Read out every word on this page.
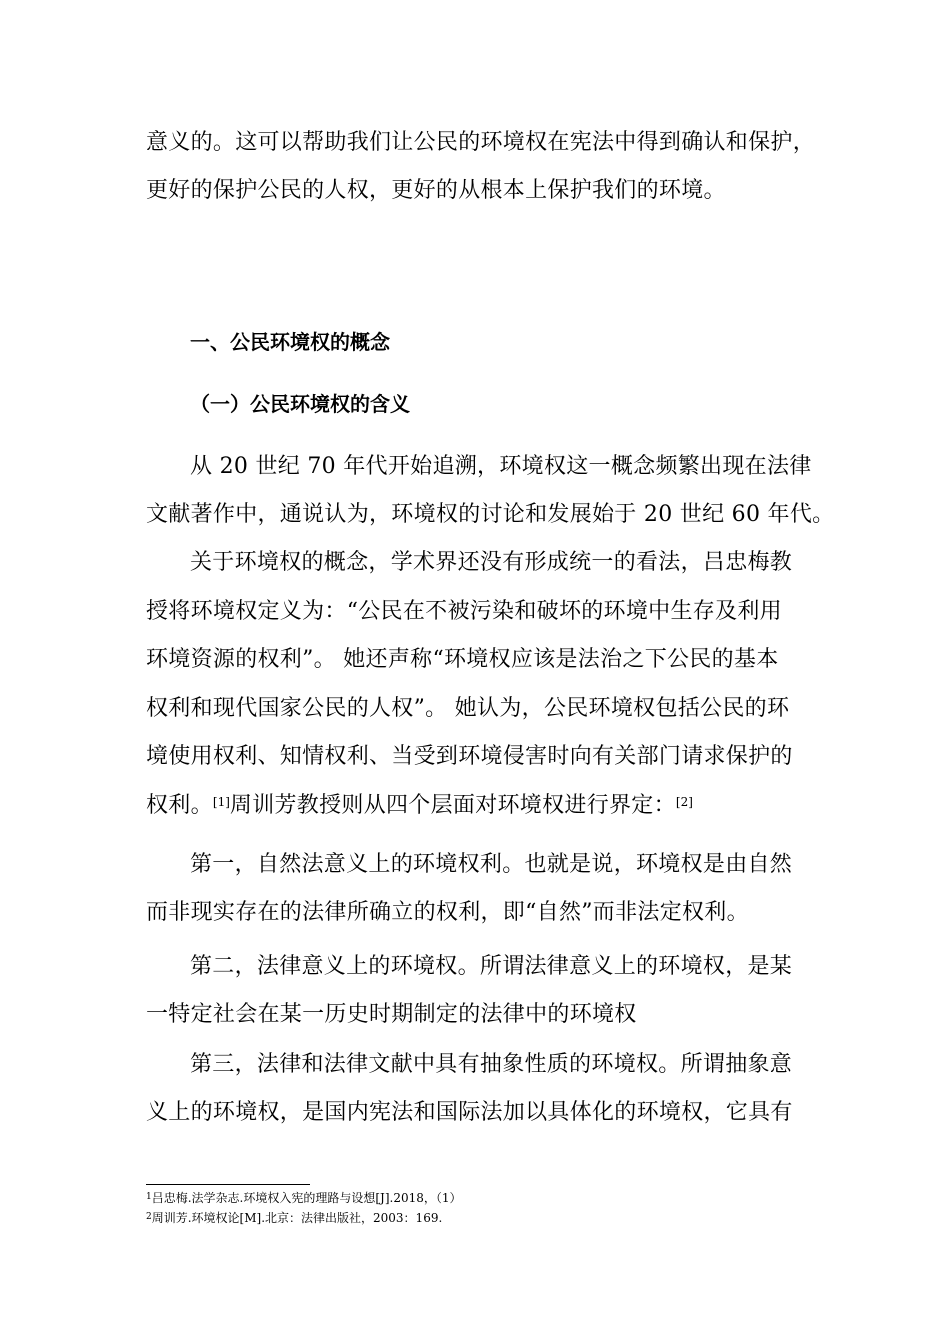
意义的。这可以帮助我们让公民的环境权在宪法中得到确认和保护，
更好的保护公民的人权，更好的从根本上保护我们的环境。
一、公民环境权的概念
（一）公民环境权的含义
从 20 世纪 70 年代开始追溯，环境权这一概念频繁出现在法律
文献著作中，通说认为，环境权的讨论和发展始于 20 世纪 60 年代。
关于环境权的概念，学术界还没有形成统一的看法，吕忠梅教
授将环境权定义为：“公民在不被污染和破坏的环境中生存及利用
环境资源的权利”。 她还声称“环境权应该是法治之下公民的基本
权利和现代国家公民的人权”。 她认为，公民环境权包括公民的环
境使用权利、知情权利、当受到环境侵害时向有关部门请求保护的
权利。[1]周训芳教授则从四个层面对环境权进行界定：[2]
第一，自然法意义上的环境权利。也就是说，环境权是由自然
而非现实存在的法律所确立的权利，即“自然”而非法定权利。
第二，法律意义上的环境权。所谓法律意义上的环境权，是某
一特定社会在某一历史时期制定的法律中的环境权
第三，法律和法律文献中具有抽象性质的环境权。所谓抽象意
义上的环境权，是国内宪法和国际法加以具体化的环境权，它具有
$^1$吕忠梅.法学杂志.环境权入宪的理路与设想[J].2018，（1）
$^2$周训芳.环境权论[M].北京：法律出版社，2003：169.
